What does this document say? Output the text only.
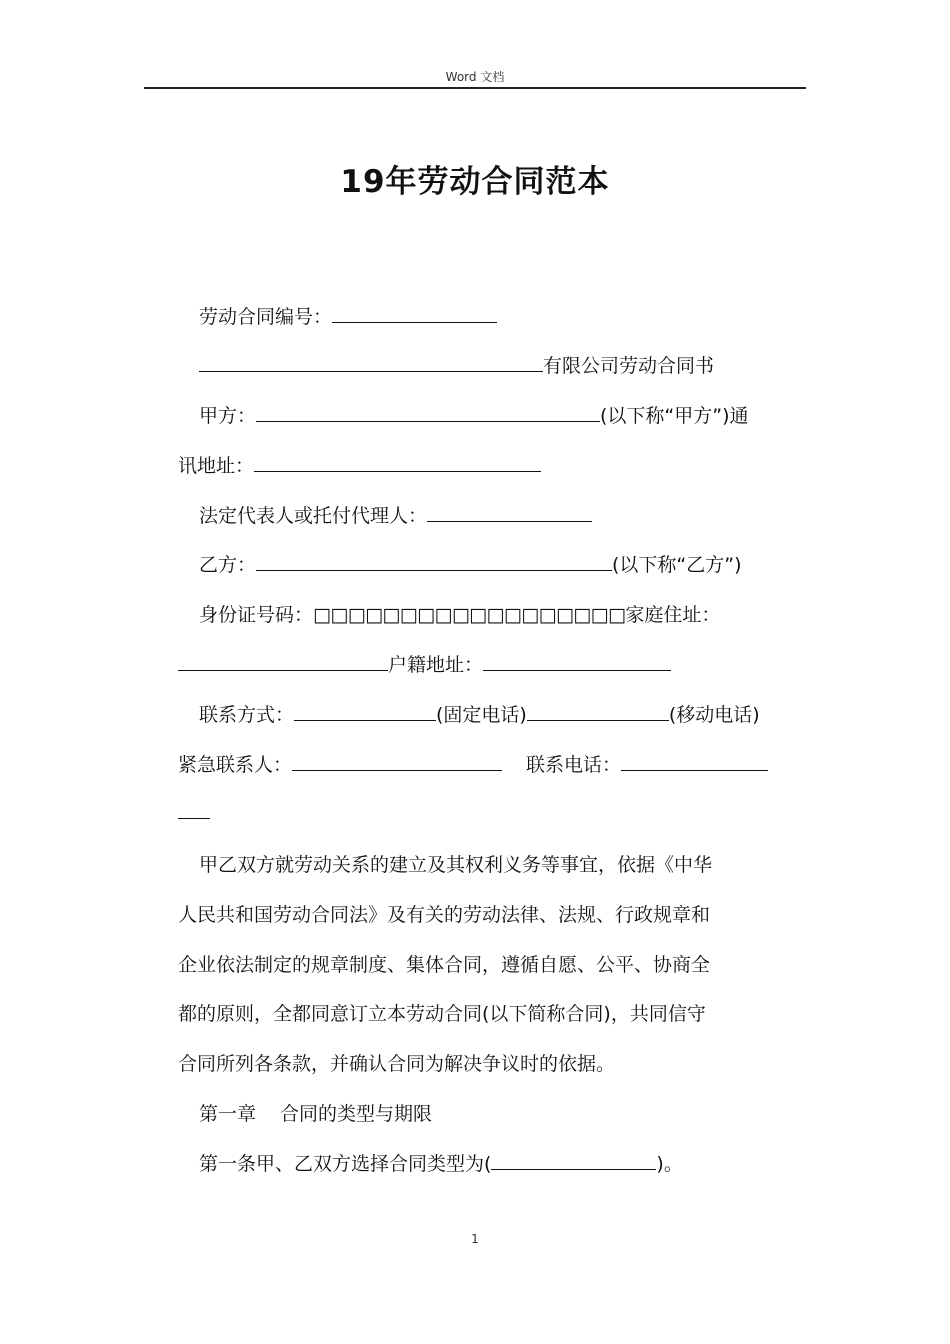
Word 文档
19年劳动合同范本
劳动合同编号：
有限公司劳动合同书
甲方：	(以下称“甲方”)通
讯地址：
法定代表人或托付代理人：
乙方：	(以下称“乙方”)
身份证号码：□□□□□□□□□□□□□□□□□□家庭住址：
户籍地址：
联系方式：	(固定电话)	(移动电话)
紧急联系人：	联系电话：
甲乙双方就劳动关系的建立及其权利义务等事宜，依据《中华
人民共和国劳动合同法》及有关的劳动法律、法规、行政规章和
企业依法制定的规章制度、集体合同，遵循自愿、公平、协商全
都的原则，全都同意订立本劳动合同(以下简称合同)，共同信守
合同所列各条款，并确认合同为解决争议时的依据。
第一章 合同的类型与期限
第一条甲、乙双方选择合同类型为(	)。
1
